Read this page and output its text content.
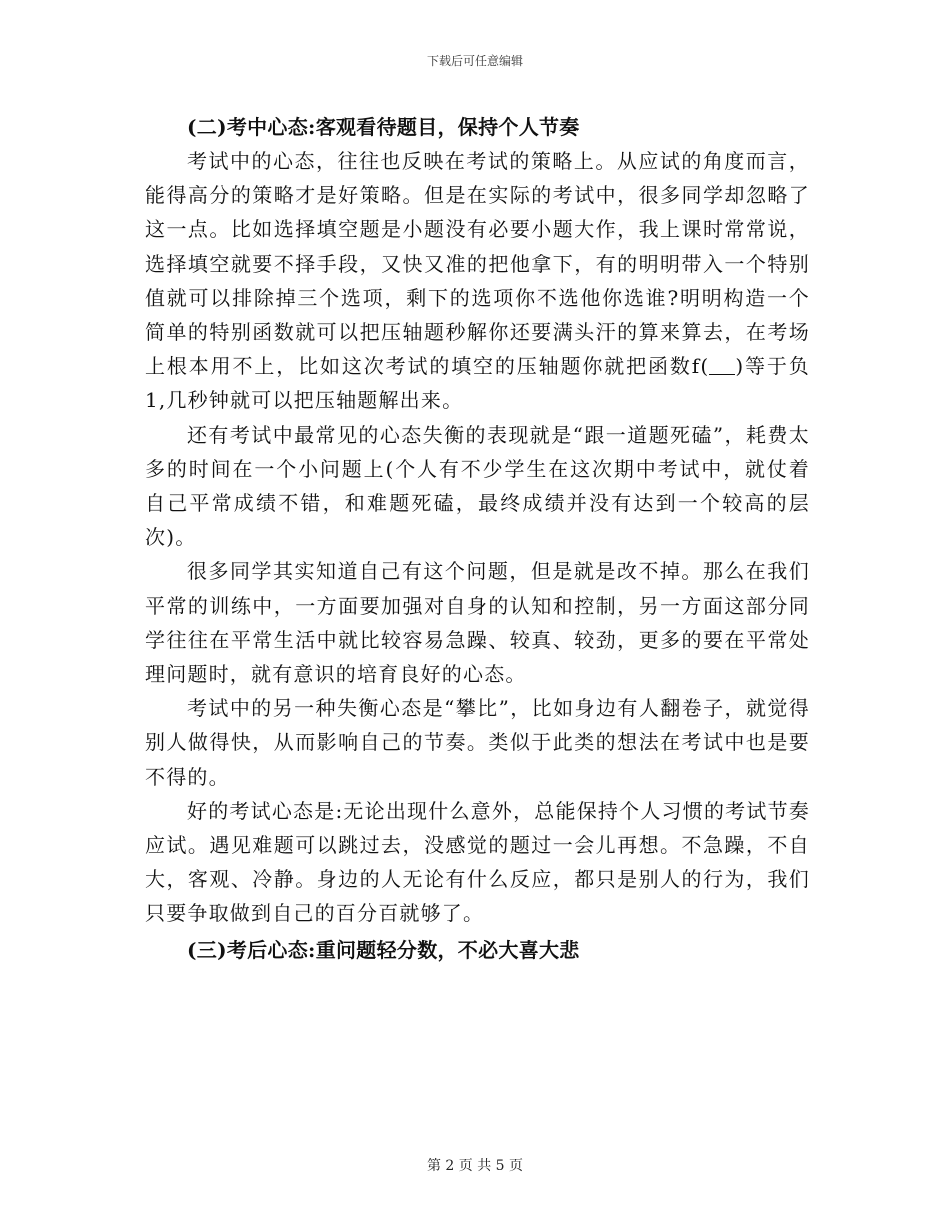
下载后可任意编辑

(二)考中心态:客观看待题目，保持个人节奏

考试中的心态，往往也反映在考试的策略上。从应试的角度而言，能得高分的策略才是好策略。但是在实际的考试中，很多同学却忽略了这一点。比如选择填空题是小题没有必要小题大作，我上课时常常说，选择填空就要不择手段，又快又准的把他拿下，有的明明带入一个特别值就可以排除掉三个选项，剩下的选项你不选他你选谁?明明构造一个简单的特别函数就可以把压轴题秒解你还要满头汗的算来算去，在考场上根本用不上，比如这次考试的填空的压轴题你就把函数f( )等于负1,几秒钟就可以把压轴题解出来。

还有考试中最常见的心态失衡的表现就是“跟一道题死磕”，耗费太多的时间在一个小问题上(个人有不少学生在这次期中考试中，就仗着自己平常成绩不错，和难题死磕，最终成绩并没有达到一个较高的层次)。

很多同学其实知道自己有这个问题，但是就是改不掉。那么在我们平常的训练中，一方面要加强对自身的认知和控制，另一方面这部分同学往往在平常生活中就比较容易急躁、较真、较劲，更多的要在平常处理问题时，就有意识的培育良好的心态。

考试中的另一种失衡心态是“攀比”，比如身边有人翻卷子，就觉得别人做得快，从而影响自己的节奏。类似于此类的想法在考试中也是要不得的。

好的考试心态是:无论出现什么意外，总能保持个人习惯的考试节奏应试。遇见难题可以跳过去，没感觉的题过一会儿再想。不急躁，不自大，客观、冷静。身边的人无论有什么反应，都只是别人的行为，我们只要争取做到自己的百分百就够了。

(三)考后心态:重问题轻分数，不必大喜大悲

第 2 页 共 5 页
